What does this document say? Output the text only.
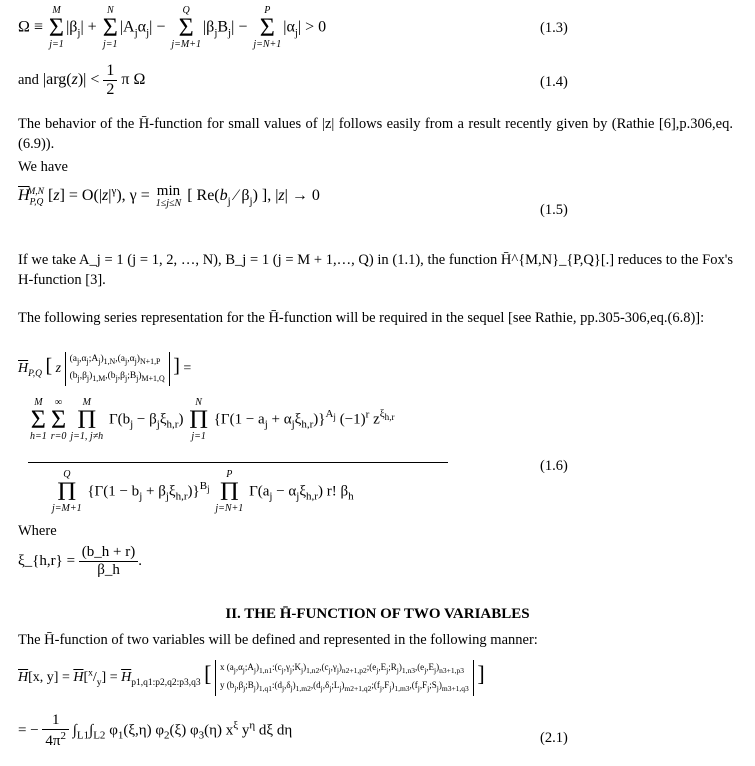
Ω ≡
M
Σ
j=1
$|\beta_j|$ +
N
Σ
j=1
$|A_j\alpha_j|$ −
Q
Σ
j=M+1
$|\beta_jB_j|$ −
P
Σ
j=N+1
$|\alpha_j| > 0$	(1.3)
and $|arg(z)| < \frac{1}{2}$ π Ω	(1.4)
The behavior of the H̄-function for small values of |z| follows easily from a result recently given by (Rathie [6],p.306,eq.(6.9)).
We have
$\overline{H}_{P,Q}^{M,N}$ $[z] = O(|z|^\gamma)$, γ = min
1≤j≤N [ $Re(b_j$ ⁄ $\beta_j$) ], |z| → 0
(1.5)
If we take A_j = 1 (j = 1, 2, …, N), B_j = 1 (j = M + 1,…, Q) in (1.1), the function H̄^{M,N}_{P,Q}[.] reduces to the Fox's H-function [3].
The following series representation for the H̄-function will be required in the sequel [see Rathie, pp.305-306,eq.(6.8)]:
$\overline{H}_{P,Q}$ [ z $(a_j,\alpha_j;A_j)_{1,N},(a_j,\alpha_j)_{N+1,P}$
$(b_j,\beta_j)_{1,M},(b_j,\beta_j;B_j)_{M+1,Q}$ ] =
M
Σ
h=1
∞
Σ
r=0
M
Π
j=1, j≠h
$\Gamma(b_j - \beta_j\xi_{h,r})$
N
Π
j=1
$\{\Gamma(1 - a_j + \alpha_j\xi_{h,r})\}^{A_j}$ $(-1)^r$ $z^{\xi_{h,r}}$
Q
Π
j=M+1
$\{\Gamma(1 - b_j + \beta_j\xi_{h,r})\}^{B_j}$
P
Π
j=N+1
$\Gamma(a_j - \alpha_j\xi_{h,r})$ r! $\beta_h$
(1.6)
Where
ξ_{h,r} = $\frac{(b\_h + r)}{\beta\_h}$ .
II. THE H̄-FUNCTION OF TWO VARIABLES
The H̄-function of two variables will be defined and represented in the following manner:
$\overline{H}[x$, $y] = \overline{H}[^x/_y] = \overline{H}_{p1,q1:p2,q2:p3,q3}$ [ x $(a_j,\alpha_j;A_j)_{1,n1}:(c_j,\gamma_j;K_j)_{1,n2},(c_j,\gamma_j)_{n2+1,p2};(e_j,E_j;R_j)_{1,n3},(e_j,E_j)_{n3+1,p3}$
y $(b_j,\beta_j;B_j)_{1,q1}:(d_j,\delta_j)_{1,m2},(d_j,\delta_j;L_j)_{m2+1,q2};(f_j,F_j)_{1,m3},(f_j,F_j;S_j)_{m3+1,q3}$ ]
= − $\frac{1}{4\pi^2} \int_{L1}\int_{L2}$ $\varphi_1(\xi,\eta)$ $\varphi_2(\xi)$ $\varphi_3(\eta)$ $x^\xi$ $y^\eta$ dξ dη	(2.1)
